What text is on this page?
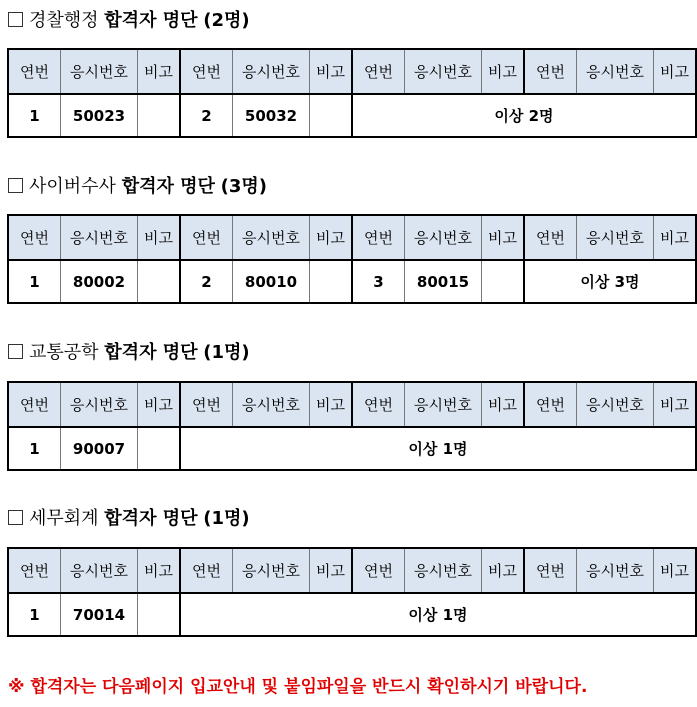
경찰행정 합격자 명단 (2명)
연번	응시번호	비고	연번	응시번호	비고	연번	응시번호	비고	연번	응시번호	비고
1	50023		2	50032		이상 2명					
사이버수사 합격자 명단 (3명)
연번	응시번호	비고	연번	응시번호	비고	연번	응시번호	비고	연번	응시번호	비고
1	80002		2	80010		3	80015		이상 3명		
교통공학 합격자 명단 (1명)
연번	응시번호	비고	연번	응시번호	비고	연번	응시번호	비고	연번	응시번호	비고
1	90007		이상 1명								
세무회계 합격자 명단 (1명)
연번	응시번호	비고	연번	응시번호	비고	연번	응시번호	비고	연번	응시번호	비고
1	70014		이상 1명								
※ 합격자는 다음페이지 입교안내 및 붙임파일을 반드시 확인하시기 바랍니다.
